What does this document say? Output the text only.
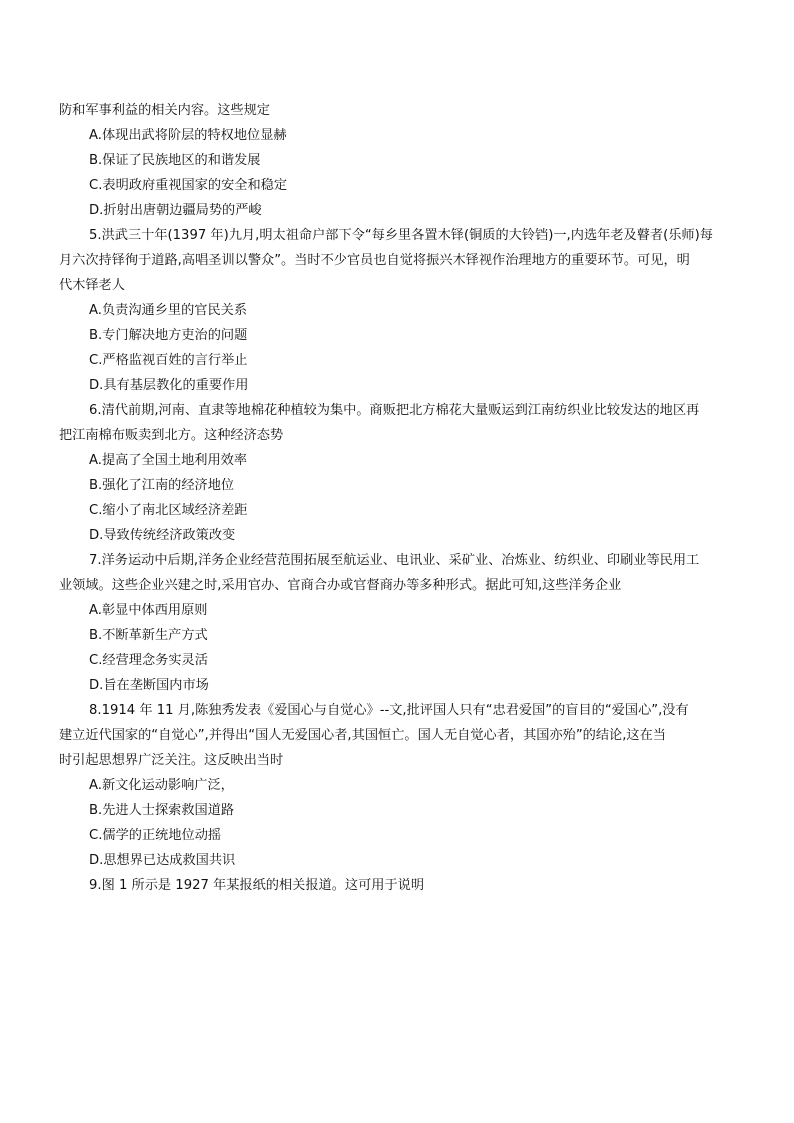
防和军事利益的相关内容。这些规定
A.体现出武将阶层的特权地位显赫
B.保证了民族地区的和谐发展
C.表明政府重视国家的安全和稳定
D.折射出唐朝边疆局势的严峻
5.洪武三十年(1397 年)九月,明太祖命户部下令“每乡里各置木铎(铜质的大铃铛)一,内选年老及瞽者(乐师)每
月六次持铎徇于道路,高唱圣训以警众”。当时不少官员也自觉将振兴木铎视作治理地方的重要环节。可见，明
代木铎老人
A.负责沟通乡里的官民关系
B.专门解决地方吏治的问题
C.严格监视百姓的言行举止
D.具有基层教化的重要作用
6.清代前期,河南、直隶等地棉花种植较为集中。商贩把北方棉花大量贩运到江南纺织业比较发达的地区再
把江南棉布贩卖到北方。这种经济态势
A.提高了全国土地利用效率
B.强化了江南的经济地位
C.缩小了南北区域经济差距
D.导致传统经济政策改变
7.洋务运动中后期,洋务企业经营范围拓展至航运业、电讯业、采矿业、冶炼业、纺织业、印刷业等民用工
业领域。这些企业兴建之时,采用官办、官商合办或官督商办等多种形式。据此可知,这些洋务企业
A.彰显中体西用原则
B.不断革新生产方式
C.经营理念务实灵活
D.旨在垄断国内市场
8.1914 年 11 月,陈独秀发表《爱国心与自觉心》--文,批评国人只有“忠君爱国”的盲目的“爱国心”,没有
建立近代国家的“自觉心”,并得出“国人无爱国心者,其国恒亡。国人无自觉心者，其国亦殆”的结论,这在当
时引起思想界广泛关注。这反映出当时
A.新文化运动影响广泛，
B.先进人士探索救国道路
C.儒学的正统地位动摇
D.思想界已达成救国共识
9.图 1 所示是 1927 年某报纸的相关报道。这可用于说明
